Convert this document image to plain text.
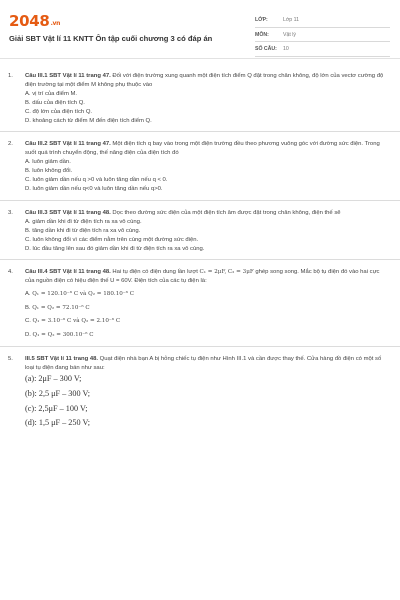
2048.vn
Giải SBT Vật lí 11 KNTT Ôn tập cuối chương 3 có đáp án
LỚP:	Lớp 11
MÔN:	Vật lý
SỐ CÂU:	10
1. Câu III.1 SBT Vật lí 11 trang 47. Đối với điện trường xung quanh một điện tích điểm Q đặt trong chân không, độ lớn của vectơ cường độ điện trường tại một điểm M không phụ thuộc vào
A. vị trí của điểm M.
B. dấu của điện tích Q.
C. độ lớn của điện tích Q.
D. khoảng cách từ điểm M đến điện tích điểm Q.
2. Câu III.2 SBT Vật lí 11 trang 47. Một điện tích q bay vào trong một điện trường đều theo phương vuông góc với đường sức điện. Trong suốt quá trình chuyển động, thế năng điện của điện tích đó
A. luôn giảm dần.
B. luôn không đổi.
C. luôn giảm dần nếu q >0 và luôn tăng dần nếu q < 0.
D. luôn giảm dần nếu q<0 và luôn tăng dần nếu q>0.
3. Câu III.3 SBT Vật lí 11 trang 48. Dọc theo đường sức điện của một điện tích âm được đặt trong chân không, điện thế sẽ
A. giảm dần khi đi từ điện tích ra xa vô cùng.
B. tăng dần khi đi từ điện tích ra xa vô cùng.
C. luôn không đổi vì các điểm nằm trên cùng một đường sức điện.
D. lúc đầu tăng lên sau đó giảm dần khi đi từ điện tích ra xa vô cùng.
4. Câu III.4 SBT Vật lí 11 trang 48. Hai tụ điện có điện dung lần lượt C₁ = 2μF, C₂ = 3μF ghép song song. Mắc bộ tụ điện đó vào hai cực của nguồn điện có hiệu điện thế U = 60V. Điện tích của các tụ điện là:
A. Q₁ = 120.10⁻⁶ C và Q₂ = 180.10⁻⁶ C
B. Q₁ = Q₂ = 72.10⁻⁶ C
C. Q₁ = 3.10⁻⁶ C và Q₂ = 2.10⁻⁶ C
D. Q₁ = Q₂ = 300.10⁻⁶ C
5. III.5 SBT Vật lí 11 trang 48. Quạt điện nhà bạn A bị hỏng chiếc tụ điện như Hình III.1 và cần được thay thế. Cửa hàng đồ điện có một số loại tụ điện đang bán như sau:
(a): 2μF – 300 V;
(b): 2,5 μF – 300 V;
(c): 2,5μF – 100 V;
(d): 1,5 μF – 250 V;
